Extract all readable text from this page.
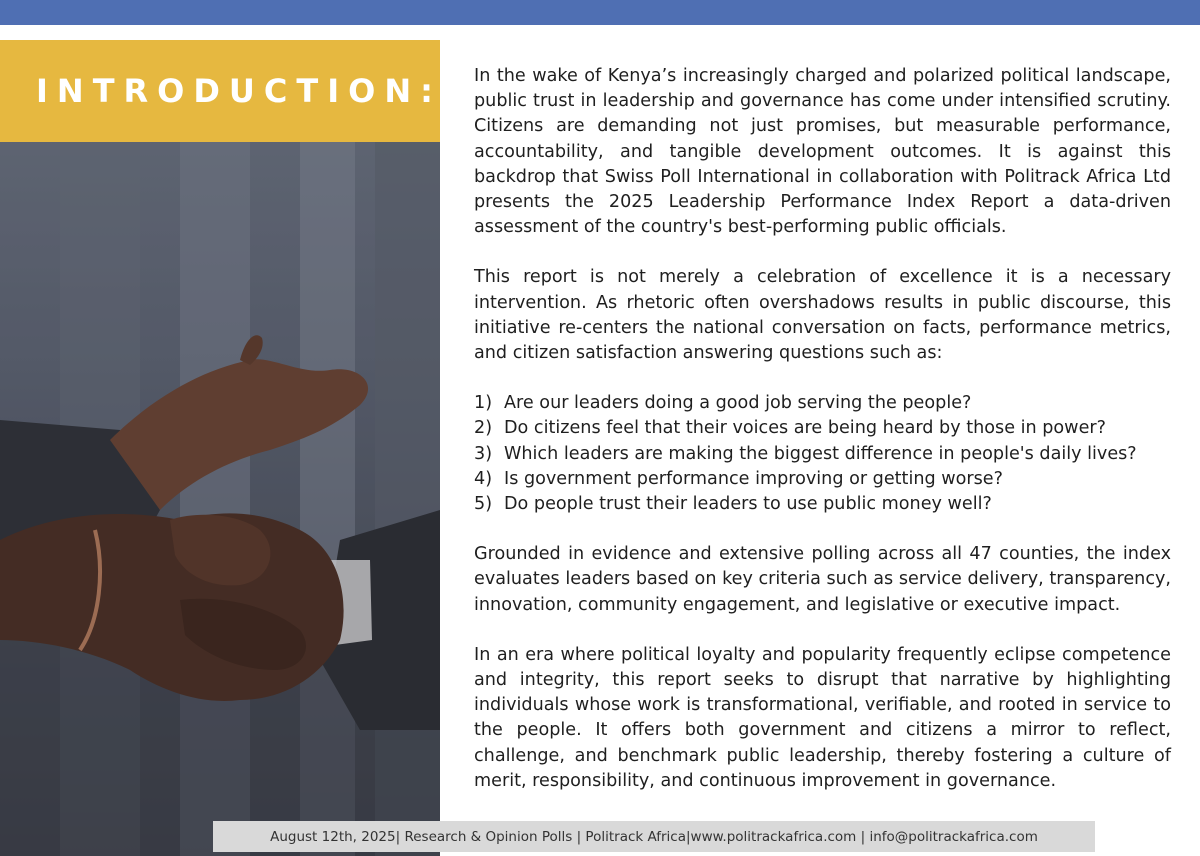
INTRODUCTION: In the wake of Kenya’s increasingly charged and polarized political landscape, public trust in leadership and governance has come under intensified scrutiny. Citizens are demanding not just promises, but measurable performance, accountability, and tangible development outcomes. It is against this backdrop that Swiss Poll International in collaboration with Politrack Africa Ltd presents the 2025 Leadership Performance Index Report a data-driven assessment of the country's best-performing public officials.

This report is not merely a celebration of excellence it is a necessary intervention. As rhetoric often overshadows results in public discourse, this initiative re-centers the national conversation on facts, performance metrics, and citizen satisfaction answering questions such as:

1) Are our leaders doing a good job serving the people?
2) Do citizens feel that their voices are being heard by those in power?
3) Which leaders are making the biggest difference in people's daily lives?
4) Is government performance improving or getting worse?
5) Do people trust their leaders to use public money well?

Grounded in evidence and extensive polling across all 47 counties, the index evaluates leaders based on key criteria such as service delivery, transparency, innovation, community engagement, and legislative or executive impact.

In an era where political loyalty and popularity frequently eclipse competence and integrity, this report seeks to disrupt that narrative by highlighting individuals whose work is transformational, verifiable, and rooted in service to the people. It offers both government and citizens a mirror to reflect, challenge, and benchmark public leadership, thereby fostering a culture of merit, responsibility, and continuous improvement in governance.

August 12th, 2025| Research & Opinion Polls | Politrack Africa|www.politrackafrica.com | info@politrackafrica.com
